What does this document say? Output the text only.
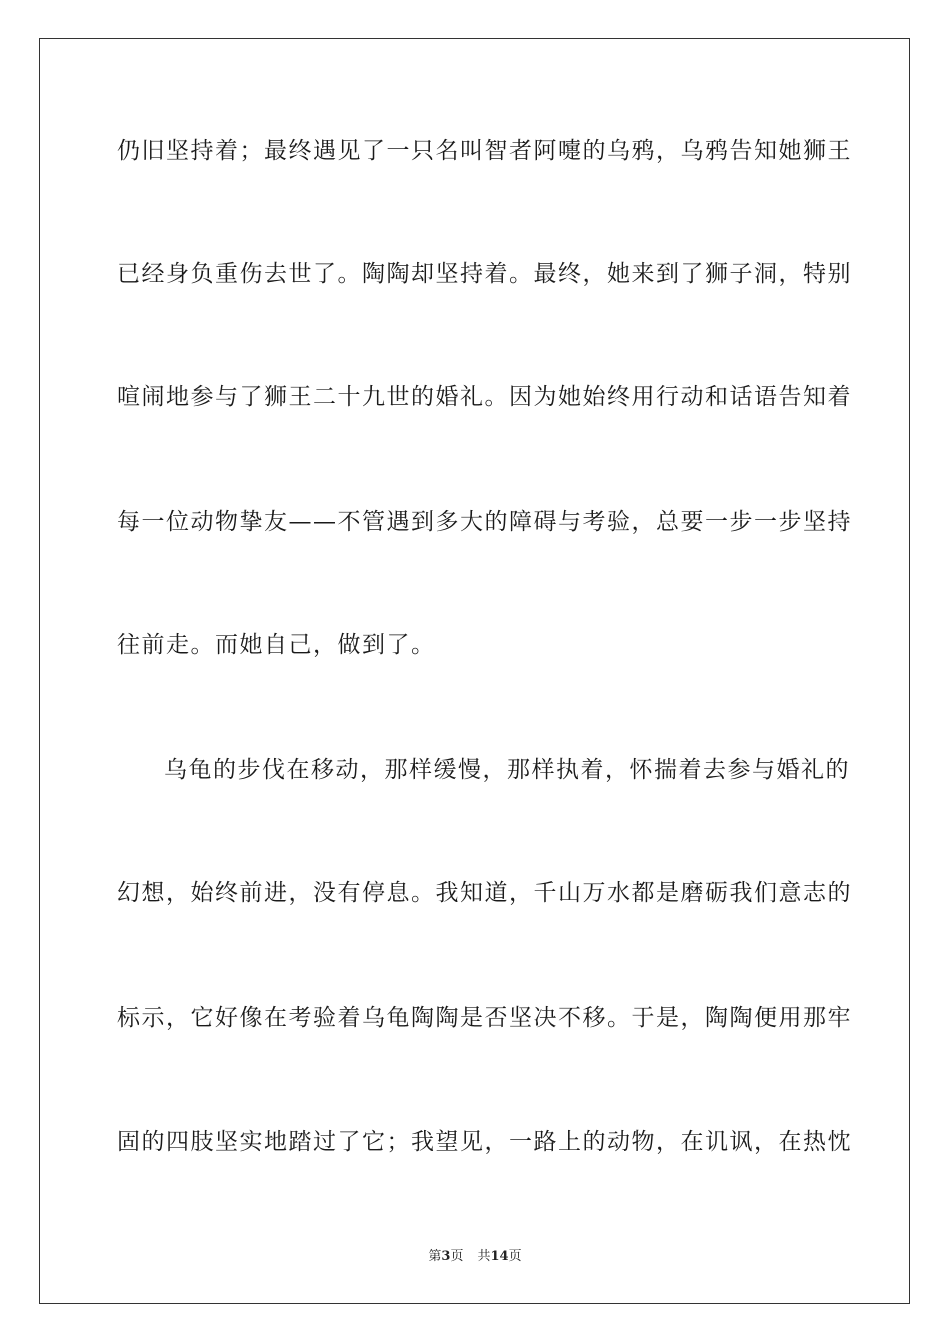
仍旧坚持着；最终遇见了一只名叫智者阿嚏的乌鸦，乌鸦告知她狮王
已经身负重伤去世了。陶陶却坚持着。最终，她来到了狮子洞，特别
喧闹地参与了狮王二十九世的婚礼。因为她始终用行动和话语告知着
每一位动物挚友——不管遇到多大的障碍与考验，总要一步一步坚持
往前走。而她自己，做到了。
乌龟的步伐在移动，那样缓慢，那样执着，怀揣着去参与婚礼的
幻想，始终前进，没有停息。我知道，千山万水都是磨砺我们意志的
标示，它好像在考验着乌龟陶陶是否坚决不移。于是，陶陶便用那牢
固的四肢坚实地踏过了它；我望见，一路上的动物，在讥讽，在热忱
第3页 共14页
